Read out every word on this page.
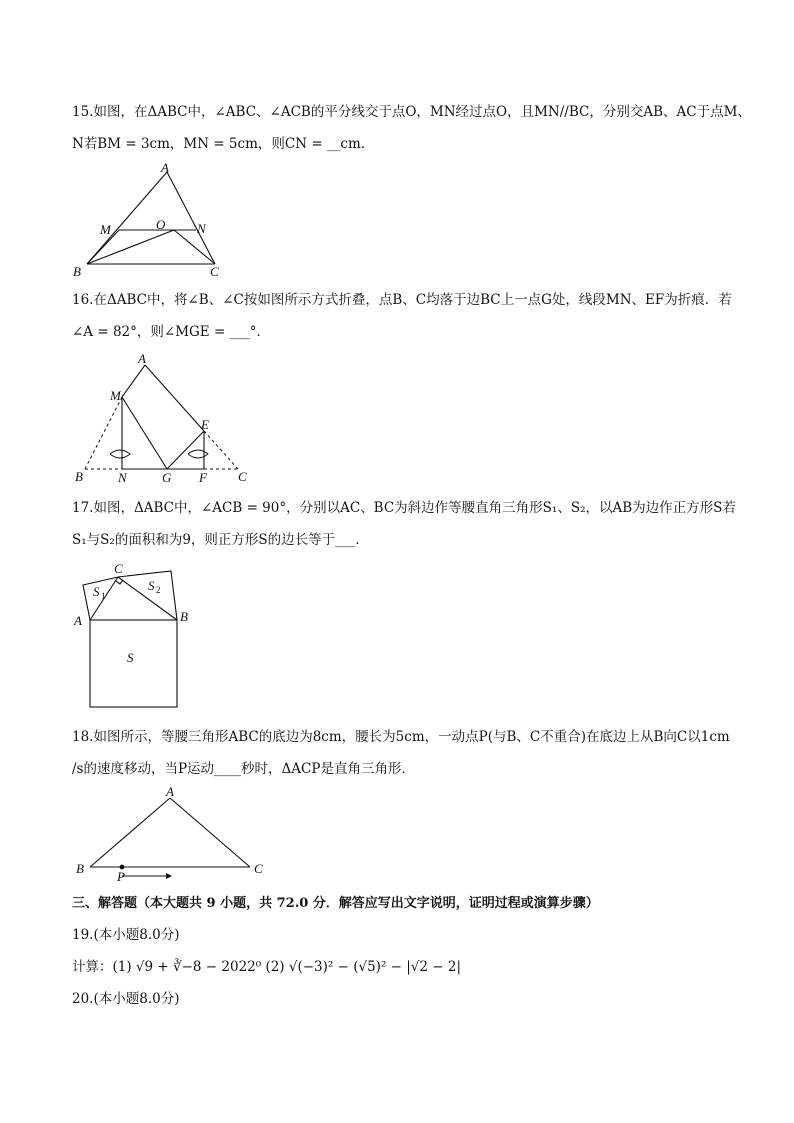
15.如图，在ΔABC中，∠ABC、∠ACB的平分线交于点O，MN经过点O，且MN//BC，分别交AB、AC于点M、
N若BM = 3cm，MN = 5cm，则CN = __cm．
A
M	O N
B	C
16.在ΔABC中，将∠B、∠C按如图所示方式折叠，点B、C均落于边BC上一点G处，线段MN、EF为折痕．若
∠A = 82°，则∠MGE = ___°．
A
M
E
B	N	G F C
17.如图，ΔABC中，∠ACB = 90°，分别以AC、BC为斜边作等腰直角三角形S₁、S₂，以AB为边作正方形S若
S₁与S₂的面积和为9，则正方形S的边长等于___．
C
A	B
S
S 1
S 2
18.如图所示，等腰三角形ABC的底边为8cm，腰长为5cm，一动点P(与B、C不重合)在底边上从B向C以1cm
/s的速度移动，当P运动____秒时，ΔACP是直角三角形．
A
B	C
P
三、解答题（本大题共 9 小题，共 72.0 分．解答应写出文字说明，证明过程或演算步骤）
19.(本小题8.0分)
计算：(1) √9 + ∛−8 − 2022⁰ (2) √(−3)² − (√5)² − |√2 − 2|
20.(本小题8.0分)
